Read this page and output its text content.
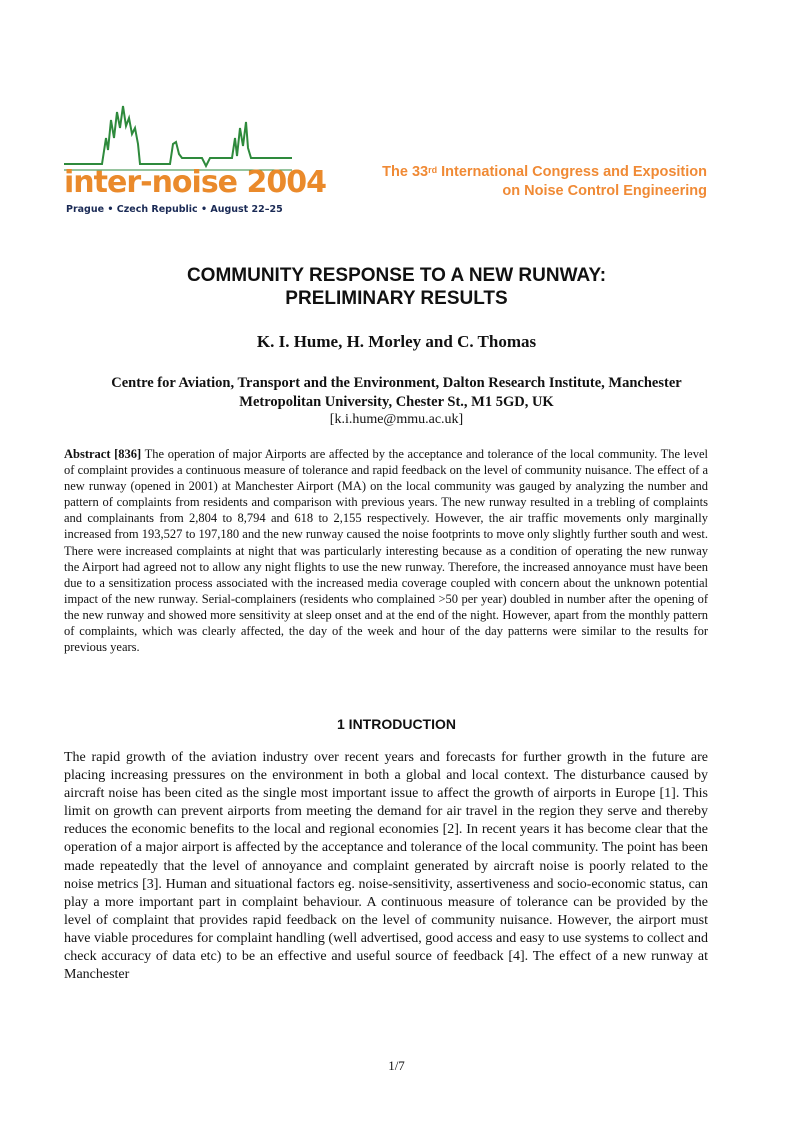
inter-noise 2004
Prague • Czech Republic • August 22–25
The 33rd International Congress and Exposition
on Noise Control Engineering
COMMUNITY RESPONSE TO A NEW RUNWAY:
PRELIMINARY RESULTS
K. I. Hume, H. Morley and C. Thomas
Centre for Aviation, Transport and the Environment, Dalton Research Institute, Manchester
Metropolitan University, Chester St., M1 5GD, UK
[k.i.hume@mmu.ac.uk]
Abstract [836] The operation of major Airports are affected by the acceptance and tolerance of the local community. The level of complaint provides a continuous measure of tolerance and rapid feedback on the level of community nuisance. The effect of a new runway (opened in 2001) at Manchester Airport (MA) on the local community was gauged by analyzing the number and pattern of complaints from residents and comparison with previous years. The new runway resulted in a trebling of complaints and complainants from 2,804 to 8,794 and 618 to 2,155 respectively. However, the air traffic movements only marginally increased from 193,527 to 197,180 and the new runway caused the noise footprints to move only slightly further south and west. There were increased complaints at night that was particularly interesting because as a condition of operating the new runway the Airport had agreed not to allow any night flights to use the new runway. Therefore, the increased annoyance must have been due to a sensitization process associated with the increased media coverage coupled with concern about the unknown potential impact of the new runway. Serial-complainers (residents who complained >50 per year) doubled in number after the opening of the new runway and showed more sensitivity at sleep onset and at the end of the night. However, apart from the monthly pattern of complaints, which was clearly affected, the day of the week and hour of the day patterns were similar to the results for previous years.
1 INTRODUCTION
The rapid growth of the aviation industry over recent years and forecasts for further growth in the future are placing increasing pressures on the environment in both a global and local context. The disturbance caused by aircraft noise has been cited as the single most important issue to affect the growth of airports in Europe [1]. This limit on growth can prevent airports from meeting the demand for air travel in the region they serve and thereby reduces the economic benefits to the local and regional economies [2]. In recent years it has become clear that the operation of a major airport is affected by the acceptance and tolerance of the local community. The point has been made repeatedly that the level of annoyance and complaint generated by aircraft noise is poorly related to the noise metrics [3]. Human and situational factors eg. noise-sensitivity, assertiveness and socio-economic status, can play a more important part in complaint behaviour. A continuous measure of tolerance can be provided by the level of complaint that provides rapid feedback on the level of community nuisance. However, the airport must have viable procedures for complaint handling (well advertised, good access and easy to use systems to collect and check accuracy of data etc) to be an effective and useful source of feedback [4]. The effect of a new runway at Manchester
1/7
